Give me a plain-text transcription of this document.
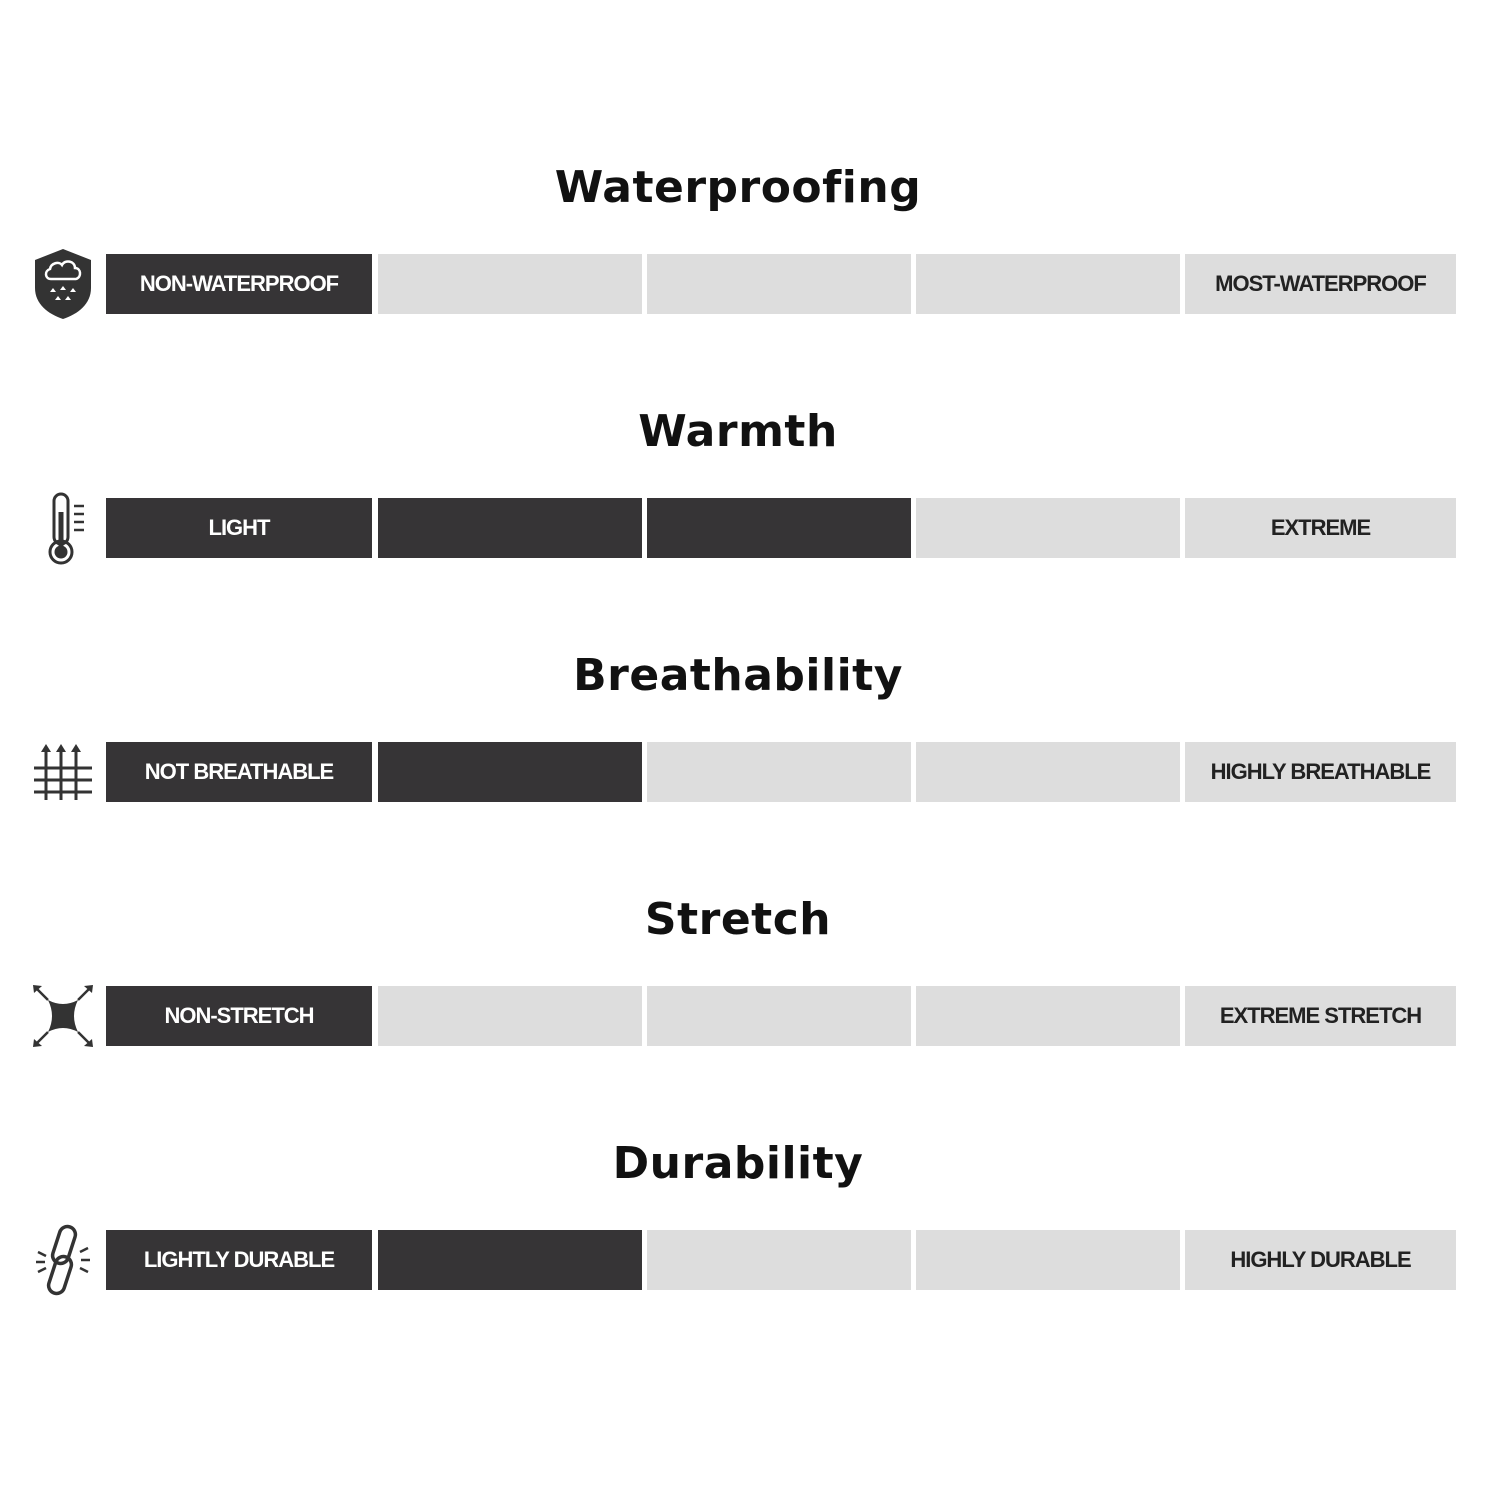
Waterproofing
NON-WATERPROOF	MOST-WATERPROOF
Warmth
LIGHT	EXTREME
Breathability
NOT BREATHABLE	HIGHLY BREATHABLE
Stretch
NON-STRETCH	EXTREME STRETCH
Durability
LIGHTLY DURABLE	HIGHLY DURABLE
